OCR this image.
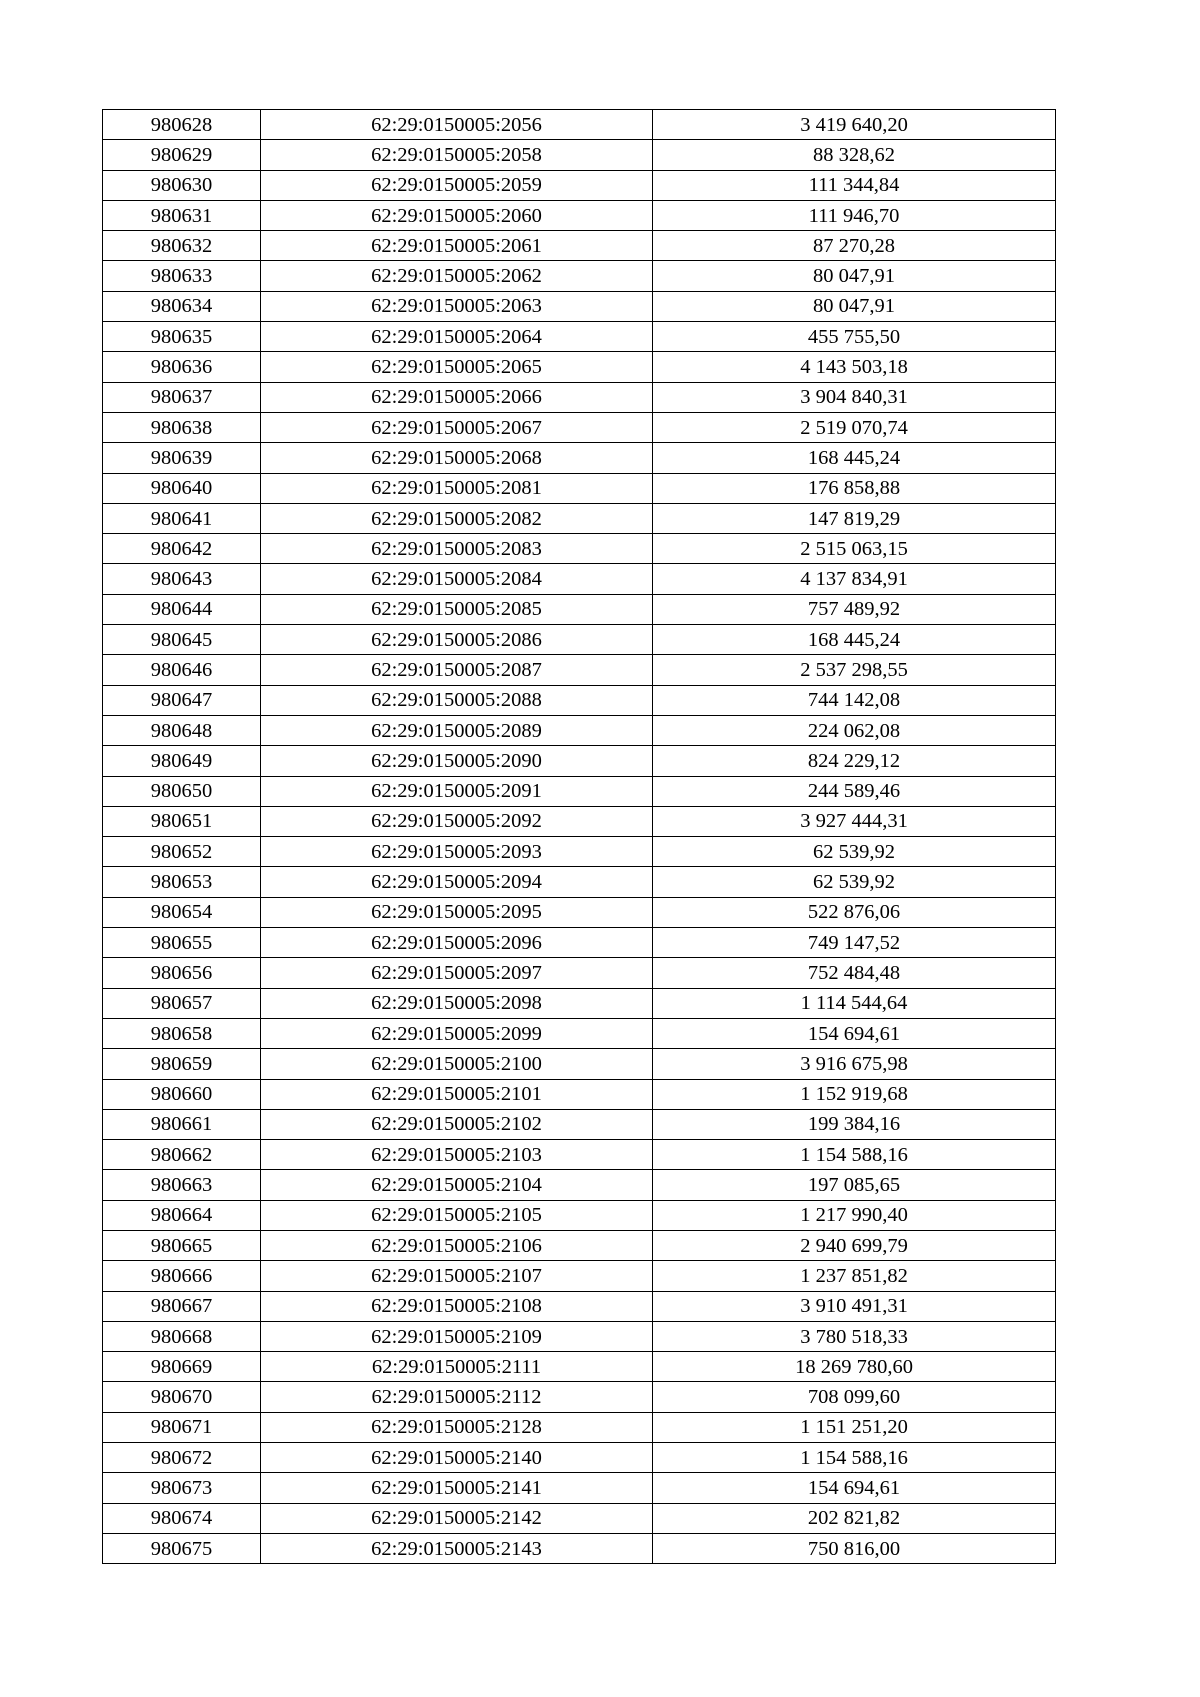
980628	62:29:0150005:2056	3 419 640,20
980629	62:29:0150005:2058	88 328,62
980630	62:29:0150005:2059	111 344,84
980631	62:29:0150005:2060	111 946,70
980632	62:29:0150005:2061	87 270,28
980633	62:29:0150005:2062	80 047,91
980634	62:29:0150005:2063	80 047,91
980635	62:29:0150005:2064	455 755,50
980636	62:29:0150005:2065	4 143 503,18
980637	62:29:0150005:2066	3 904 840,31
980638	62:29:0150005:2067	2 519 070,74
980639	62:29:0150005:2068	168 445,24
980640	62:29:0150005:2081	176 858,88
980641	62:29:0150005:2082	147 819,29
980642	62:29:0150005:2083	2 515 063,15
980643	62:29:0150005:2084	4 137 834,91
980644	62:29:0150005:2085	757 489,92
980645	62:29:0150005:2086	168 445,24
980646	62:29:0150005:2087	2 537 298,55
980647	62:29:0150005:2088	744 142,08
980648	62:29:0150005:2089	224 062,08
980649	62:29:0150005:2090	824 229,12
980650	62:29:0150005:2091	244 589,46
980651	62:29:0150005:2092	3 927 444,31
980652	62:29:0150005:2093	62 539,92
980653	62:29:0150005:2094	62 539,92
980654	62:29:0150005:2095	522 876,06
980655	62:29:0150005:2096	749 147,52
980656	62:29:0150005:2097	752 484,48
980657	62:29:0150005:2098	1 114 544,64
980658	62:29:0150005:2099	154 694,61
980659	62:29:0150005:2100	3 916 675,98
980660	62:29:0150005:2101	1 152 919,68
980661	62:29:0150005:2102	199 384,16
980662	62:29:0150005:2103	1 154 588,16
980663	62:29:0150005:2104	197 085,65
980664	62:29:0150005:2105	1 217 990,40
980665	62:29:0150005:2106	2 940 699,79
980666	62:29:0150005:2107	1 237 851,82
980667	62:29:0150005:2108	3 910 491,31
980668	62:29:0150005:2109	3 780 518,33
980669	62:29:0150005:2111	18 269 780,60
980670	62:29:0150005:2112	708 099,60
980671	62:29:0150005:2128	1 151 251,20
980672	62:29:0150005:2140	1 154 588,16
980673	62:29:0150005:2141	154 694,61
980674	62:29:0150005:2142	202 821,82
980675	62:29:0150005:2143	750 816,00
